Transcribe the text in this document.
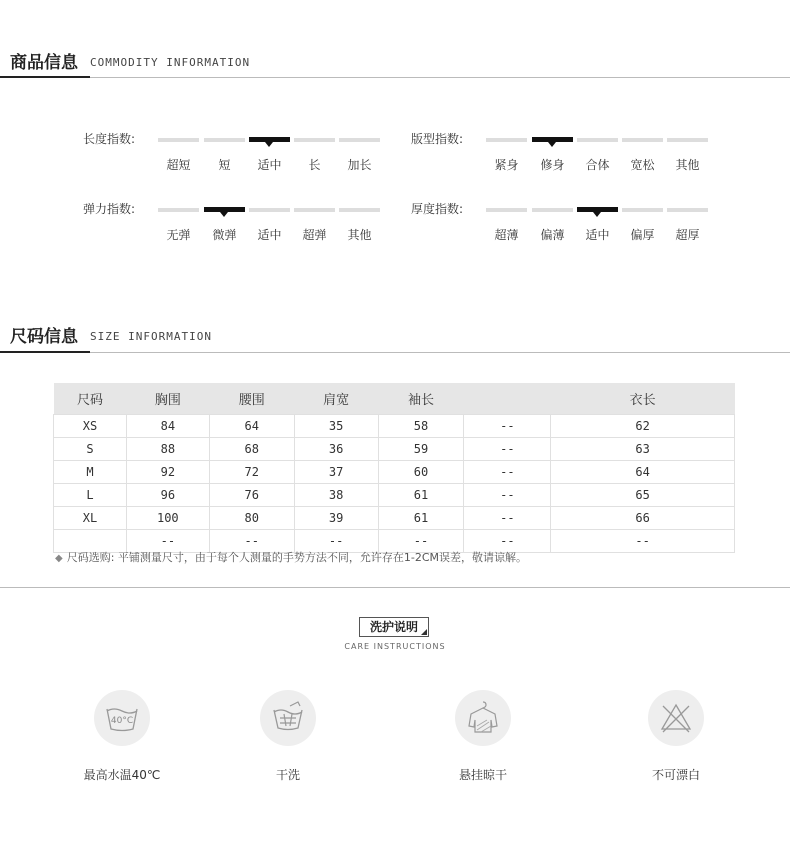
商品信息 COMMODITY INFORMATION
长度指数:
超短	短	适中	长	加长
版型指数:
紧身	修身	合体	宽松	其他
弹力指数:
无弹	微弹	适中	超弹	其他
厚度指数:
超薄	偏薄	适中	偏厚	超厚
尺码信息 SIZE INFORMATION
尺码	胸围	腰围	肩宽	袖长		衣长
XS	84	64	35	58	--	62
S	88	68	36	59	--	63
M	92	72	37	60	--	64
L	96	76	38	61	--	65
XL	100	80	39	61	--	66
	--	--	--	--	--	--
◆ 尺码选购: 平铺测量尺寸，由于每个人测量的手势方法不同，允许存在1-2CM误差，敬请谅解。
洗护说明
CARE INSTRUCTIONS
40°C
最高水温40℃	干洗	悬挂晾干	不可漂白
